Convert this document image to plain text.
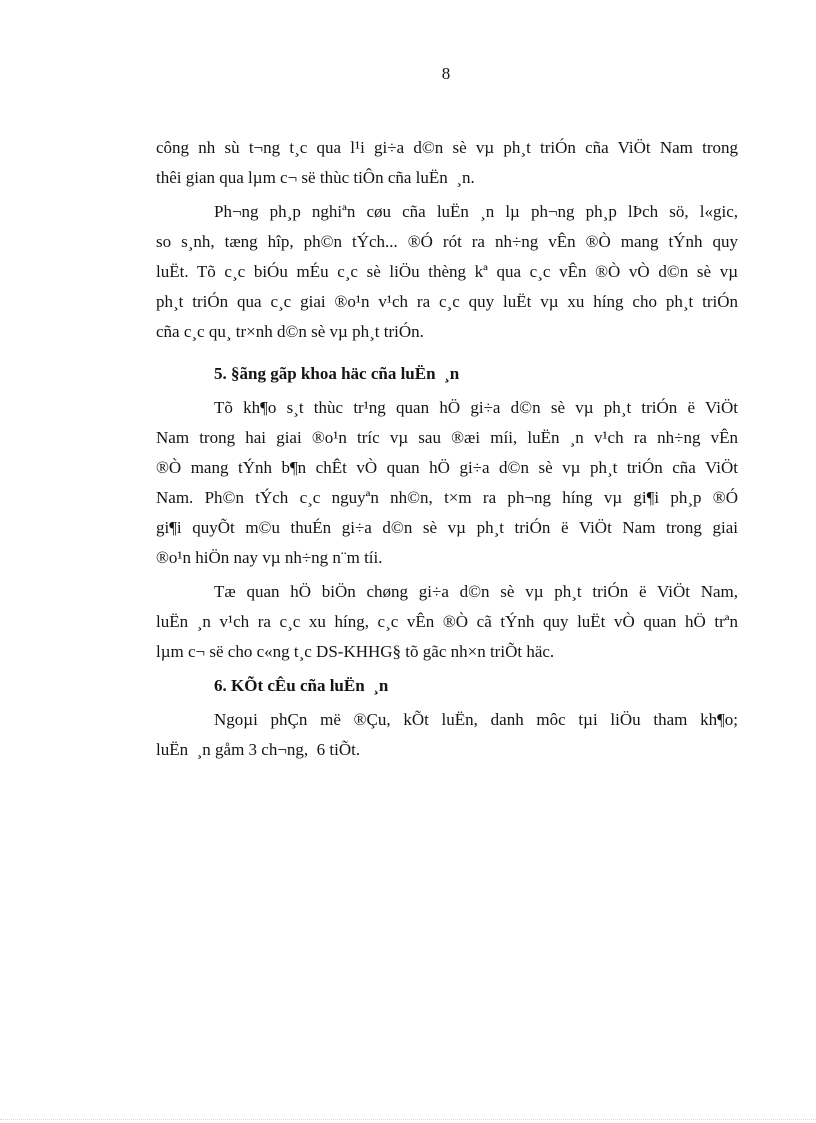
8
công nh sù t¬ng t¸c qua l¹i gi÷a d©n sè vµ ph¸t triÓn cña ViÖt Nam trong
thêi gian qua lµm c¬ së thùc tiÔn cña luËn  ¸n.
Ph¬ng ph¸p nghiªn cøu cña luËn ¸n lµ ph¬ng ph¸p lÞch sö, l«gic,
so s¸nh, tæng hîp, ph©n tÝch... ®Ó rót ra nh÷ng vÊn ®Ò mang tÝnh quy
luËt. Tõ c¸c biÓu mÉu c¸c sè liÖu thèng kª qua c¸c vÊn ®Ò vÒ d©n sè vµ
ph¸t triÓn qua c¸c giai ®o¹n v¹ch ra c¸c quy luËt vµ xu híng cho ph¸t triÓn
cña c¸c qu¸ tr×nh d©n sè vµ ph¸t triÓn.
5. §ãng gãp khoa häc cña luËn  ¸n
Tõ kh¶o s¸t thùc tr¹ng quan hÖ gi÷a d©n sè vµ ph¸t triÓn ë ViÖt
Nam trong hai giai ®o¹n tríc vµ sau ®æi míi, luËn ¸n v¹ch ra nh÷ng vÊn
®Ò mang tÝnh b¶n chÊt vÒ quan hÖ gi÷a d©n sè vµ ph¸t triÓn cña ViÖt
Nam. Ph©n tÝch c¸c nguyªn nh©n, t×m ra ph¬ng híng vµ gi¶i ph¸p ®Ó
gi¶i quyÕt m©u thuÉn gi÷a d©n sè vµ ph¸t triÓn ë ViÖt Nam trong giai
®o¹n hiÖn nay vµ nh÷ng n¨m tíi.
Tæ quan hÖ biÖn chøng gi÷a d©n sè vµ ph¸t triÓn ë ViÖt Nam,
luËn ¸n v¹ch ra c¸c xu híng, c¸c vÊn ®Ò cã tÝnh quy luËt vÒ quan hÖ trªn
lµm c¬ së cho c«ng t¸c DS-KHHG§ tõ gãc nh×n triÕt häc.
6. KÕt cÊu cña luËn  ¸n
Ngoµi phÇn më ®Çu, kÕt luËn, danh môc tµi liÖu tham kh¶o;
luËn  ¸n gåm 3 ch¬ng,  6 tiÕt.
